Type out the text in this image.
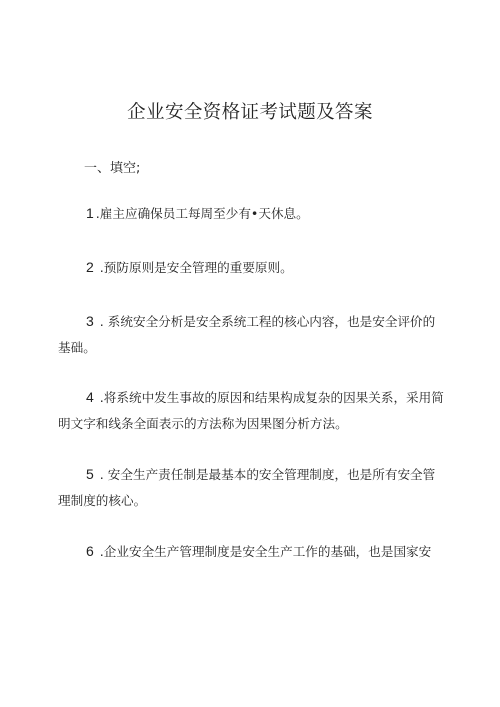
企业安全资格证考试题及答案
一、填空;
1 .雇主应确保员工每周至少有•天休息。
2 .预防原则是安全管理的重要原则。
3 . 系统安全分析是安全系统工程的核心内容，也是安全评价的
基础。
4 .将系统中发生事故的原因和结果构成复杂的因果关系，采用简
明文字和线条全面表示的方法称为因果图分析方法。
5 . 安全生产责任制是最基本的安全管理制度，也是所有安全管
理制度的核心。
6 .企业安全生产管理制度是安全生产工作的基础，也是国家安
